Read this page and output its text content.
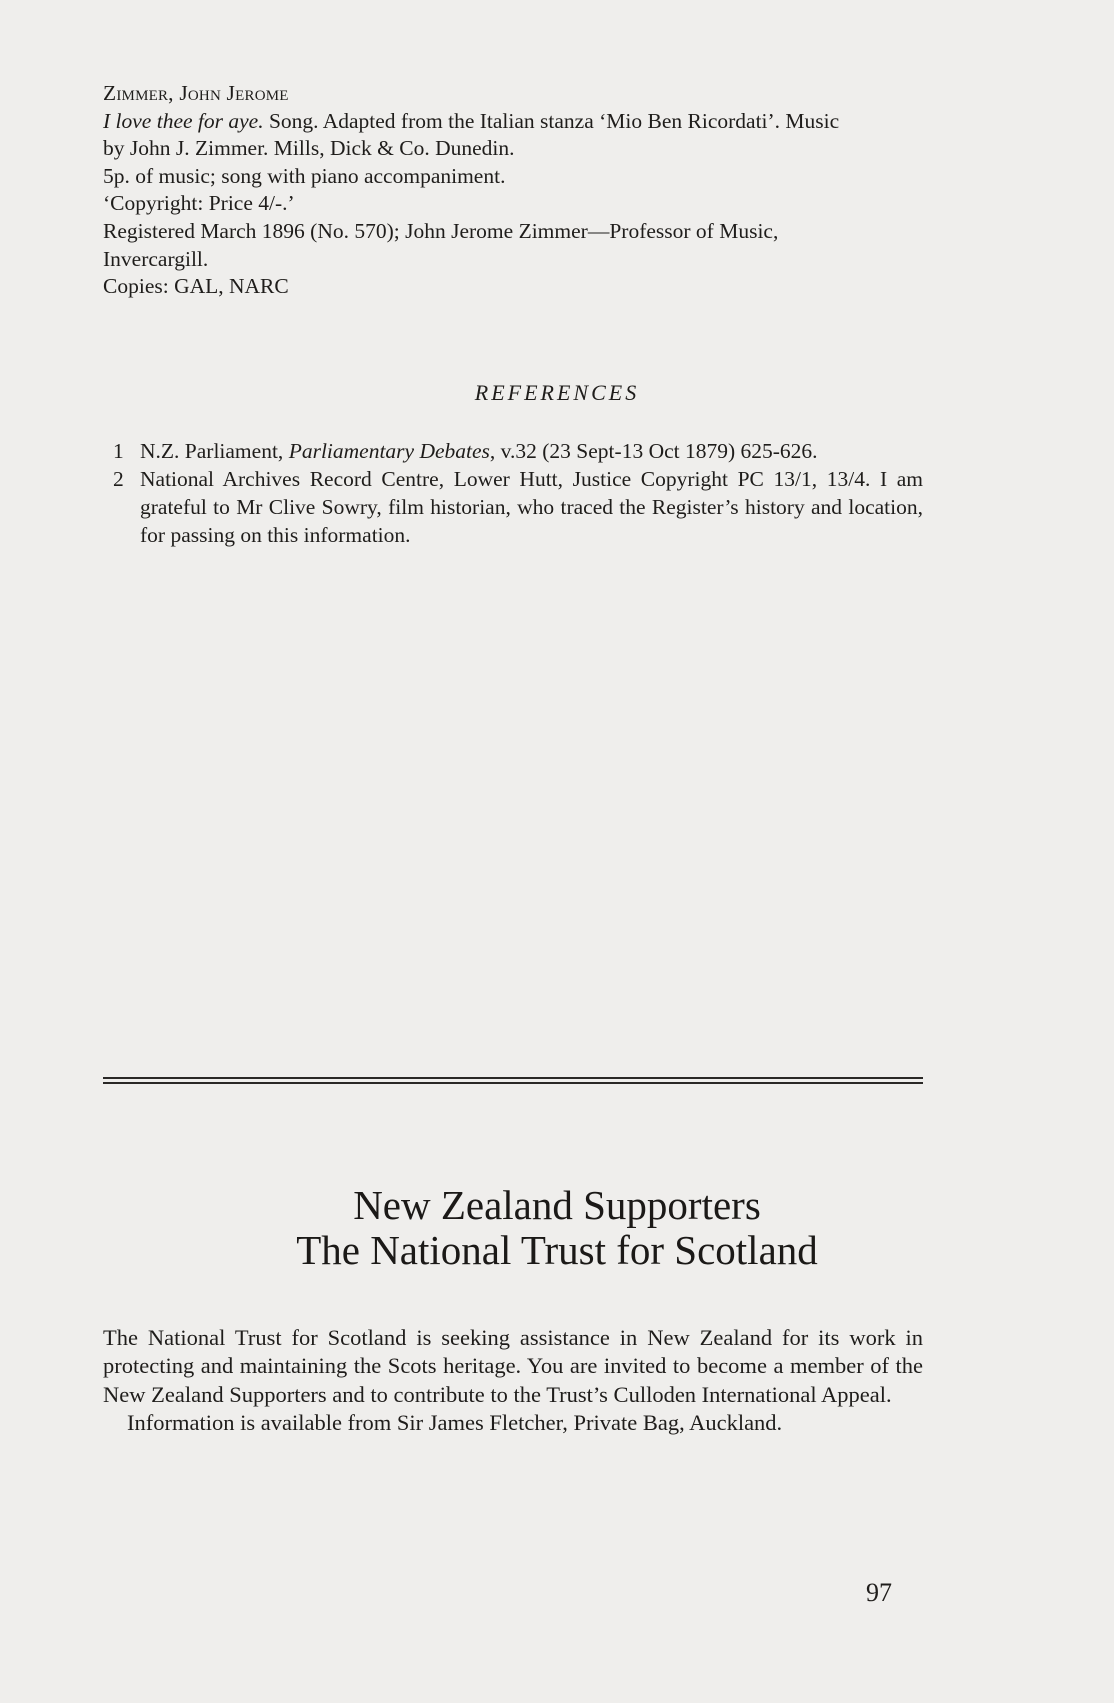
Zimmer, John Jerome
I love thee for aye. Song. Adapted from the Italian stanza ‘Mio Ben Ricordati’. Music
by John J. Zimmer. Mills, Dick & Co. Dunedin.
5p. of music; song with piano accompaniment.
‘Copyright: Price 4/-.’
Registered March 1896 (No. 570); John Jerome Zimmer—Professor of Music,
Invercargill.
Copies: GAL, NARC
REFERENCES
1 N.Z. Parliament, Parliamentary Debates, v.32 (23 Sept-13 Oct 1879) 625-626.
2 National Archives Record Centre, Lower Hutt, Justice Copyright PC 13/1, 13/4. I am grateful to Mr Clive Sowry, film historian, who traced the Register’s history and location, for passing on this information.
New Zealand Supporters
The National Trust for Scotland

The National Trust for Scotland is seeking assistance in New Zealand for its work in protecting and maintaining the Scots heritage. You are invited to become a member of the New Zealand Supporters and to contribute to the Trust’s Culloden International Appeal.

Information is available from Sir James Fletcher, Private Bag, Auckland.

97
